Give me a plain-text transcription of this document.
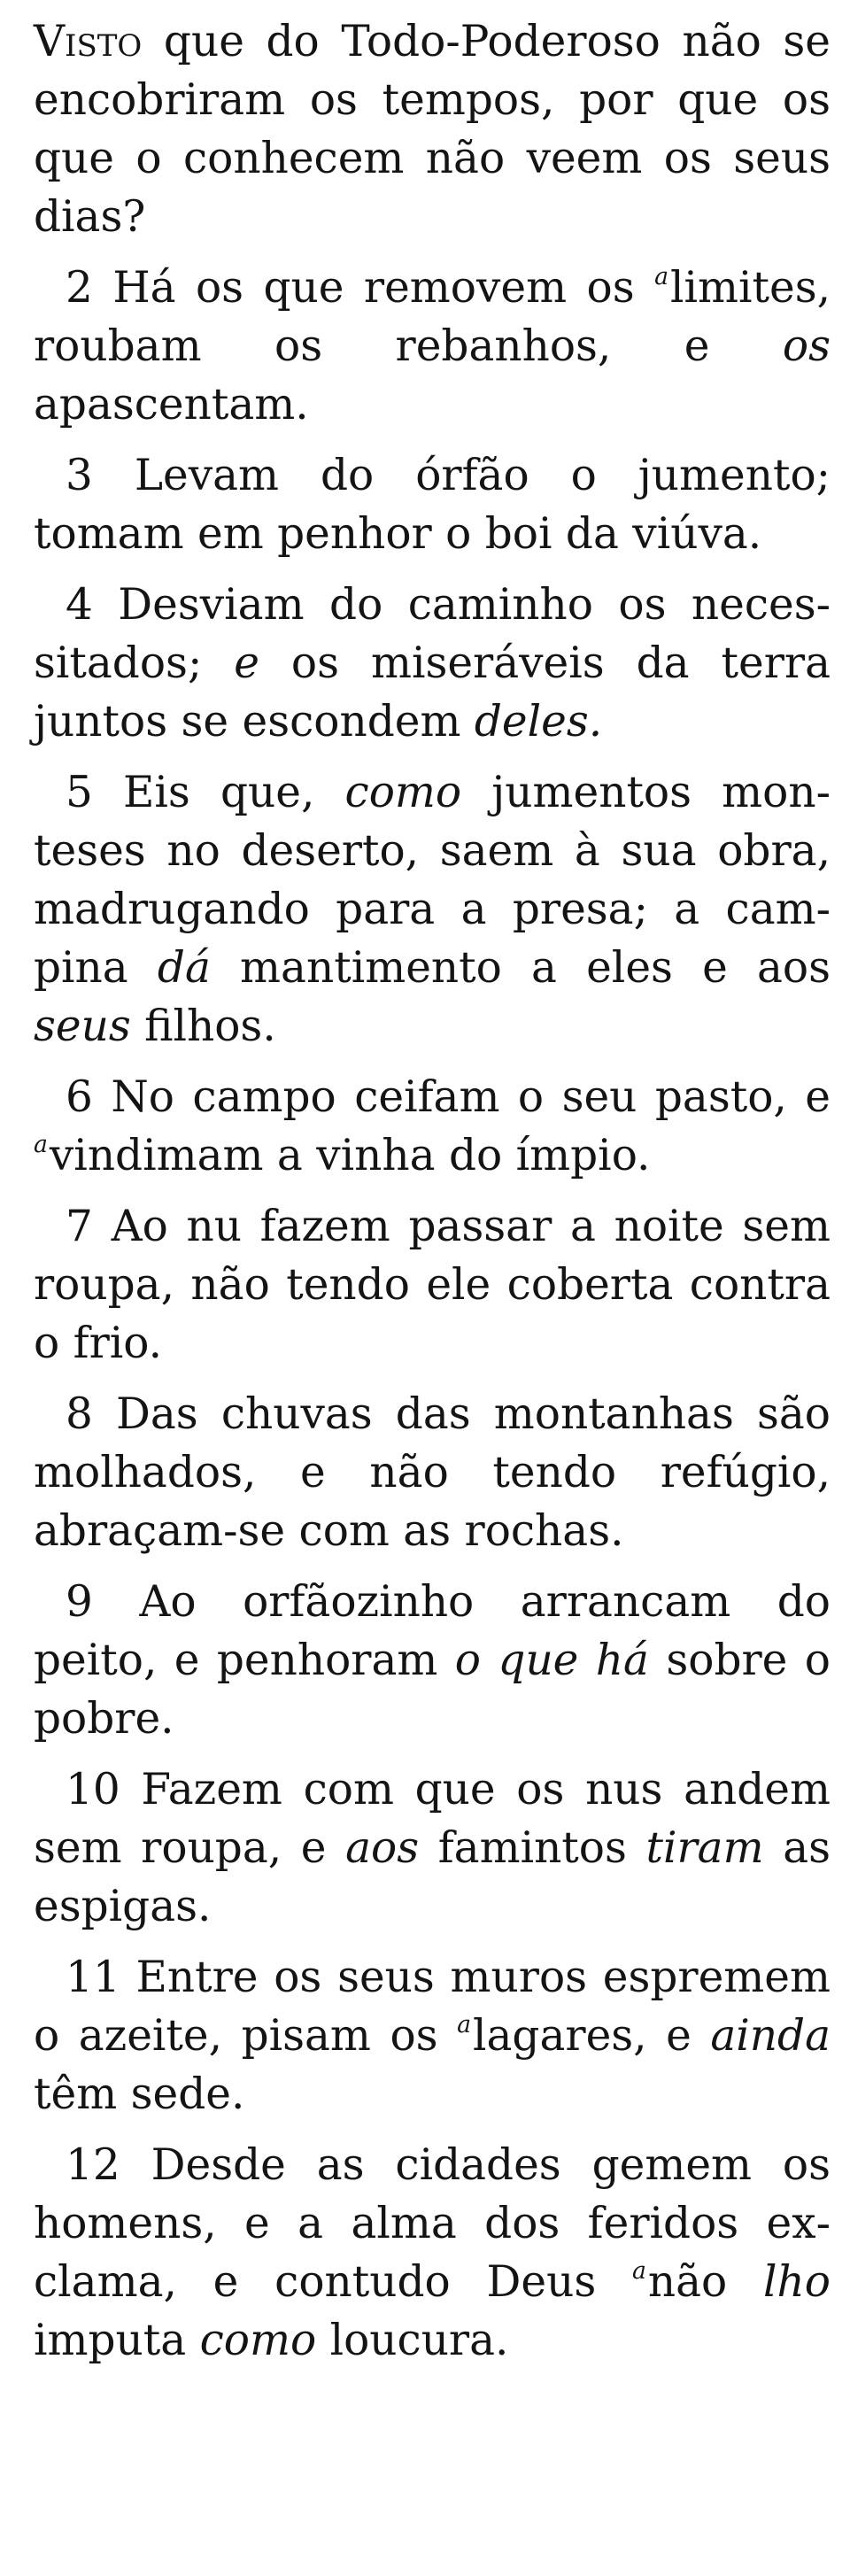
Visto que do Todo-Poderoso não se encobriram os tempos, por que os que o conhecem não veem os seus dias?

2 Há os que removem os $^a$limites, roubam os rebanhos, e os apascentam.

3 Levam do órfão o jumento; tomam em penhor o boi da viúva.

4 Desviam do caminho os necessitados; e os miseráveis da terra juntos se escondem deles.

5 Eis que, como jumentos monteses no deserto, saem à sua obra, madrugando para a presa; a campina dá mantimento a eles e aos seus filhos.

6 No campo ceifam o seu pasto, e $^a$vindimam a vinha do ímpio.

7 Ao nu fazem passar a noite sem roupa, não tendo ele coberta contra o frio.

8 Das chuvas das montanhas são molhados, e não tendo refúgio, abraçam-se com as rochas.

9 Ao orfãozinho arrancam do peito, e penhoram o que há sobre o pobre.

10 Fazem com que os nus andem sem roupa, e aos famintos tiram as espigas.

11 Entre os seus muros espremem o azeite, pisam os $^a$lagares, e ainda têm sede.

12 Desde as cidades gemem os homens, e a alma dos feridos exclama, e contudo Deus $^a$não lho imputa como loucura.
